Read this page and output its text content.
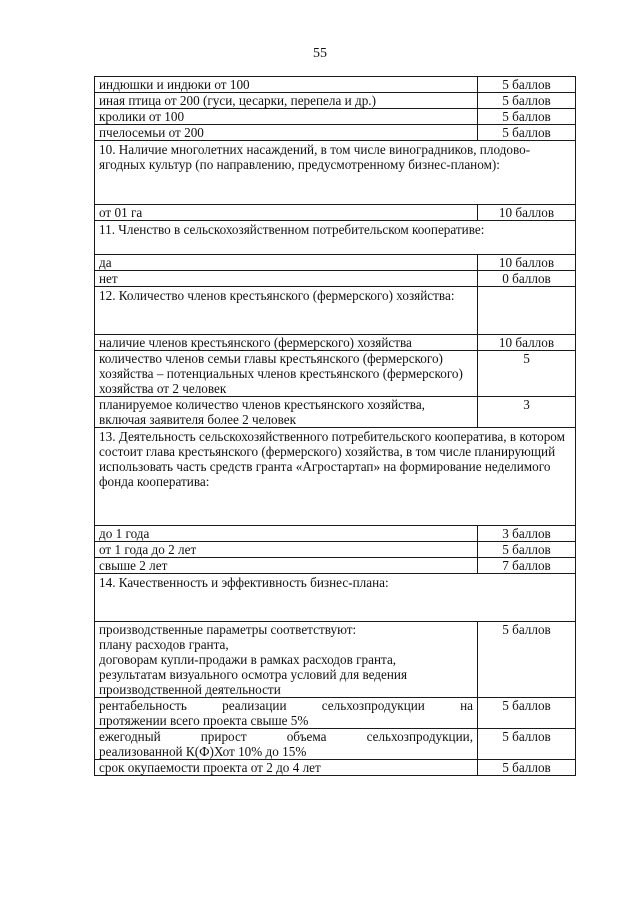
55
индюшки и индюки от 100	5 баллов
иная птица от 200 (гуси, цесарки, перепела и др.)	5 баллов
кролики от 100	5 баллов
пчелосемьи от 200	5 баллов
10. Наличие многолетних насаждений, в том числе виноградников, плодово-ягодных культур (по направлению, предусмотренному бизнес-планом):	
от 01 га	10 баллов
11. Членство в сельскохозяйственном потребительском кооперативе:	
да	10 баллов
нет	0 баллов
12. Количество членов крестьянского (фермерского) хозяйства:	
наличие членов крестьянского (фермерского) хозяйства	10 баллов
количество членов семьи главы крестьянского (фермерского) хозяйства – потенциальных членов крестьянского (фермерского) хозяйства от 2 человек	5
планируемое количество членов крестьянского хозяйства, включая заявителя более 2 человек	3
13. Деятельность сельскохозяйственного потребительского кооператива, в котором состоит глава крестьянского (фермерского) хозяйства, в том числе планирующий использовать часть средств гранта «Агростартап» на формирование неделимого фонда кооператива:	
до 1 года	3 баллов
от 1 года до 2 лет	5 баллов
свыше 2 лет	7 баллов
14. Качественность и эффективность бизнес-плана:	

производственные параметры соответствуют:
плану расходов гранта,
договорам купли-продажи в рамках расходов гранта,
результатам визуального осмотра условий для ведения
производственной деятельности	5 баллов

рентабельность реализации сельхозпродукции на
протяжении всего проекта свыше 5%	5 баллов

ежегодный прирост объема сельхозпродукции,
реализованной К(Ф)Хот 10% до 15%	5 баллов
срок окупаемости проекта от 2 до 4 лет	5 баллов
